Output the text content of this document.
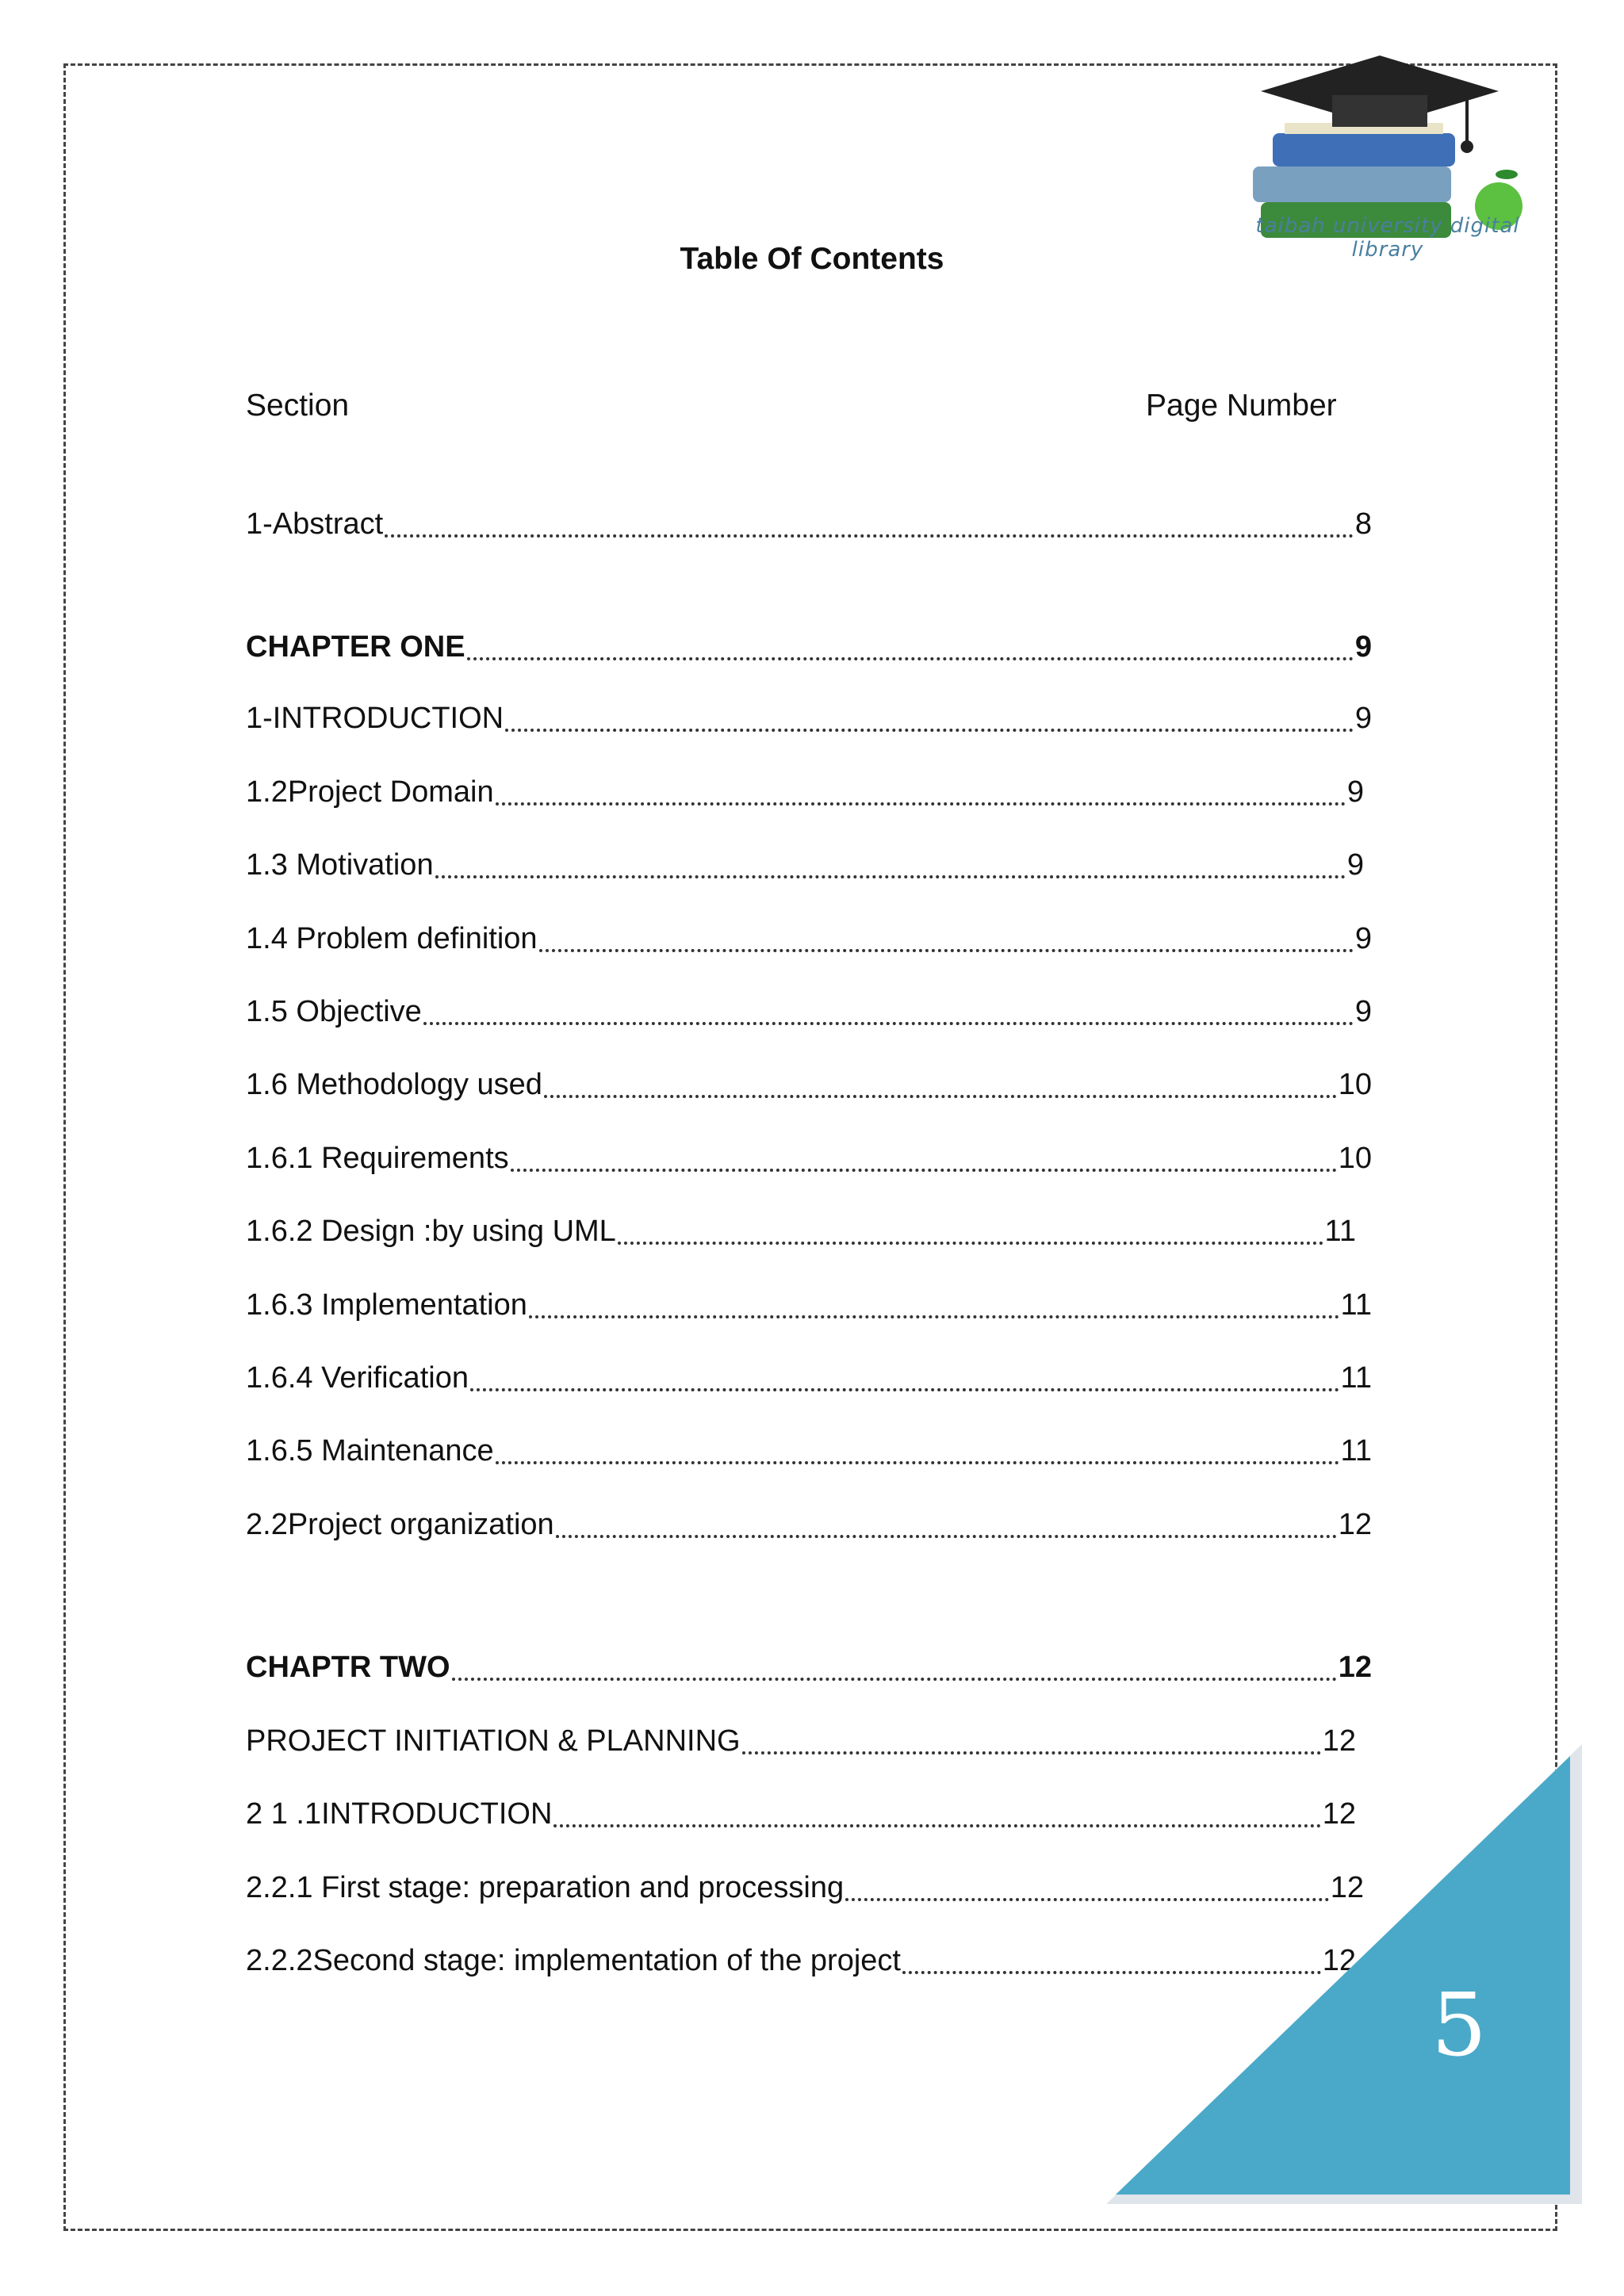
taibah university digital library
Table Of Contents
Section	Page Number
1-Abstract	8
CHAPTER ONE	9
1-INTRODUCTION	9
1.2Project Domain	9
1.3 Motivation	9
1.4 Problem definition	9
1.5 Objective	9
1.6 Methodology used	10
1.6.1 Requirements	10
1.6.2 Design :by using UML	11
1.6.3 Implementation	11
1.6.4 Verification	11
1.6.5 Maintenance	11
2.2Project organization	12
CHAPTR TWO	12
PROJECT INITIATION & PLANNING	12
2 1 .1INTRODUCTION	12
2.2.1 First stage: preparation and processing	12
2.2.2Second stage: implementation of the project	12
5
